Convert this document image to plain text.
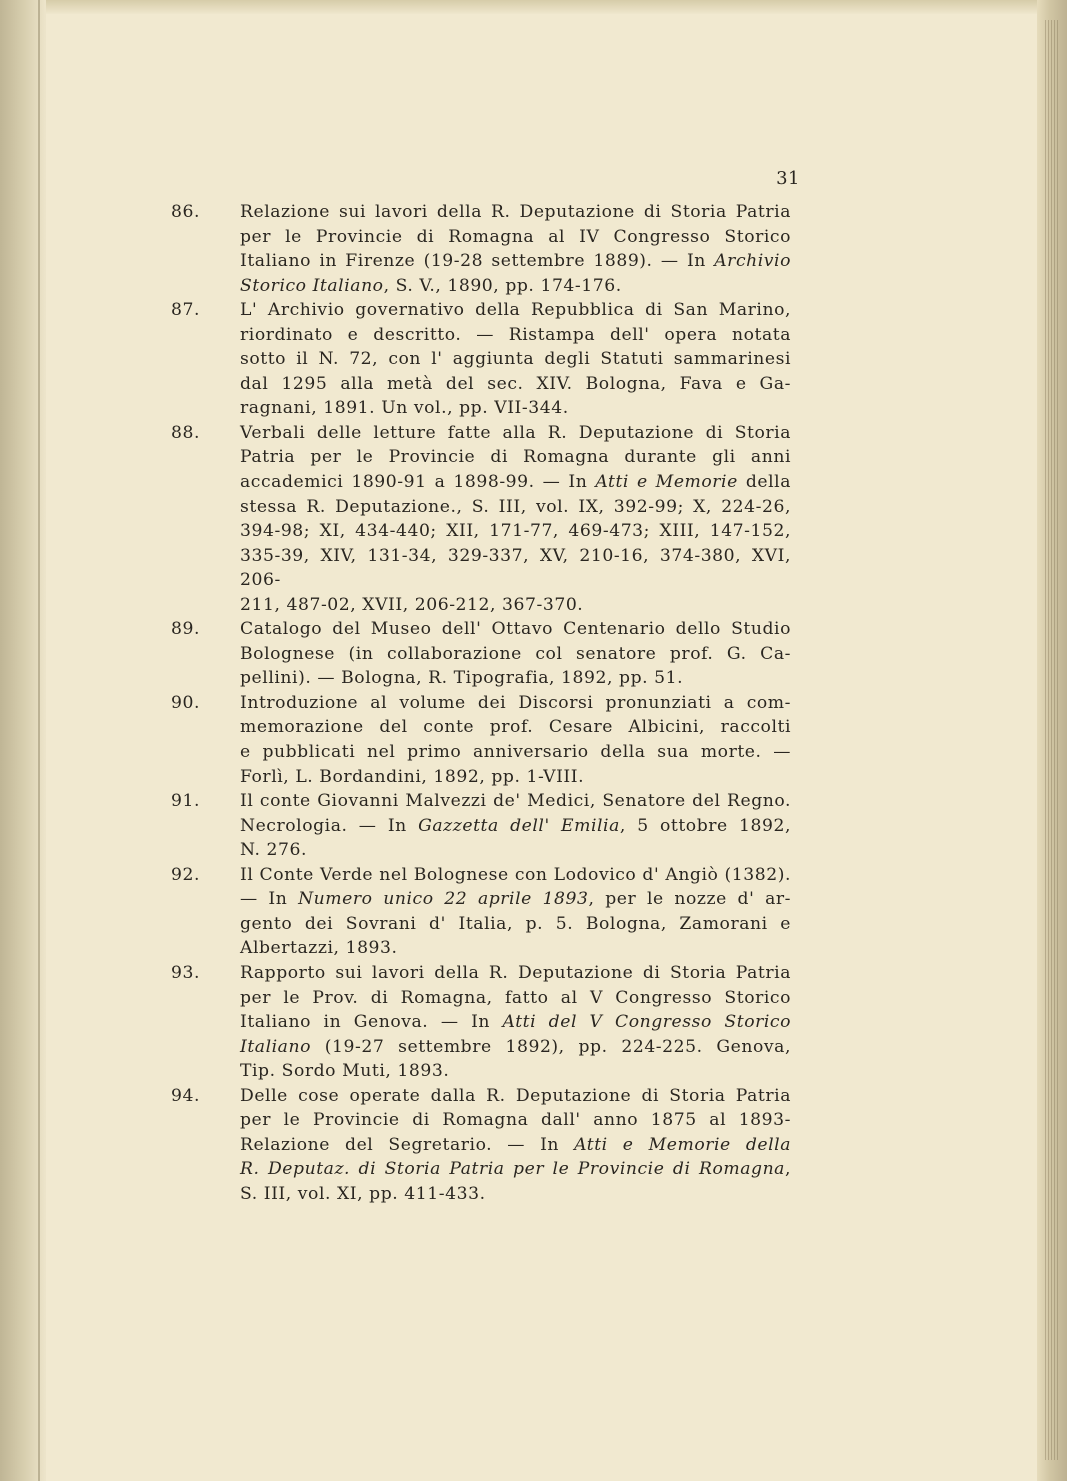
31
86.	Relazione sui lavori della R. Deputazione di Storia Patria
per le Provincie di Romagna al IV Congresso Storico
Italiano in Firenze (19-28 settembre 1889). — In Archivio
Storico Italiano, S. V., 1890, pp. 174-176.
87.	L' Archivio governativo della Repubblica di San Marino,
riordinato e descritto. — Ristampa dell' opera notata
sotto il N. 72, con l' aggiunta degli Statuti sammarinesi
dal 1295 alla metà del sec. XIV. Bologna, Fava e Ga-
ragnani, 1891. Un vol., pp. VII-344.
88.	Verbali delle letture fatte alla R. Deputazione di Storia
Patria per le Provincie di Romagna durante gli anni
accademici 1890-91 a 1898-99. — In Atti e Memorie della
stessa R. Deputazione., S. III, vol. IX, 392-99; X, 224-26,
394-98; XI, 434-440; XII, 171-77, 469-473; XIII, 147-152,
335-39, XIV, 131-34, 329-337, XV, 210-16, 374-380, XVI, 206-
211, 487-02, XVII, 206-212, 367-370.
89.	Catalogo del Museo dell' Ottavo Centenario dello Studio
Bolognese (in collaborazione col senatore prof. G. Ca-
pellini). — Bologna, R. Tipografia, 1892, pp. 51.
90.	Introduzione al volume dei Discorsi pronunziati a com-
memorazione del conte prof. Cesare Albicini, raccolti
e pubblicati nel primo anniversario della sua morte. —
Forlì, L. Bordandini, 1892, pp. 1-VIII.
91.	Il conte Giovanni Malvezzi de' Medici, Senatore del Regno.
Necrologia. — In Gazzetta dell' Emilia, 5 ottobre 1892,
N. 276.
92.	Il Conte Verde nel Bolognese con Lodovico d' Angiò (1382).
— In Numero unico 22 aprile 1893, per le nozze d' ar-
gento dei Sovrani d' Italia, p. 5. Bologna, Zamorani e
Albertazzi, 1893.
93.	Rapporto sui lavori della R. Deputazione di Storia Patria
per le Prov. di Romagna, fatto al V Congresso Storico
Italiano in Genova. — In Atti del V Congresso Storico
Italiano (19-27 settembre 1892), pp. 224-225. Genova,
Tip. Sordo Muti, 1893.
94.	Delle cose operate dalla R. Deputazione di Storia Patria
per le Provincie di Romagna dall' anno 1875 al 1893-
Relazione del Segretario. — In Atti e Memorie della
R. Deputaz. di Storia Patria per le Provincie di Romagna,
S. III, vol. XI, pp. 411-433.
